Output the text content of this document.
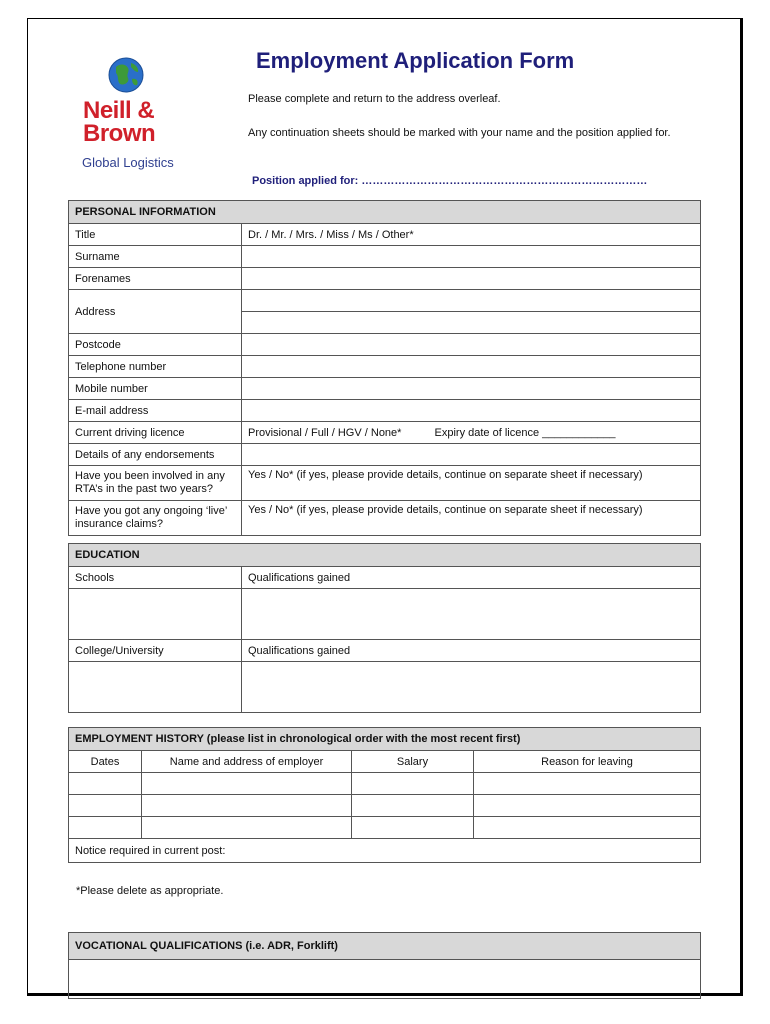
Neill &
Brown
Global Logistics
Employment Application Form
Please complete and return to the address overleaf.
Any continuation sheets should be marked with your name and the position applied for.
Position applied for: ……………………………………………………………………
PERSONAL INFORMATION	
Title	Dr. / Mr. / Mrs. / Miss / Ms / Other*
Surname	
Forenames	
Address	

Postcode	
Telephone number	
Mobile number	
E-mail address	
Current driving licence	Provisional / Full / HGV / None* Expiry date of licence ____________
Details of any endorsements	
Have you been involved in any RTA’s in the past two years?	Yes / No* (if yes, please provide details, continue on separate sheet if necessary)
Have you got any ongoing ‘live’ insurance claims?	Yes / No* (if yes, please provide details, continue on separate sheet if necessary)
EDUCATION	
Schools	Qualifications gained

College/University	Qualifications gained

EMPLOYMENT HISTORY (please list in chronological order with the most recent first)			
Dates	Name and address of employer	Salary	Reason for leaving

Notice required in current post:			
*Please delete as appropriate.
VOCATIONAL QUALIFICATIONS (i.e. ADR, Forklift)
